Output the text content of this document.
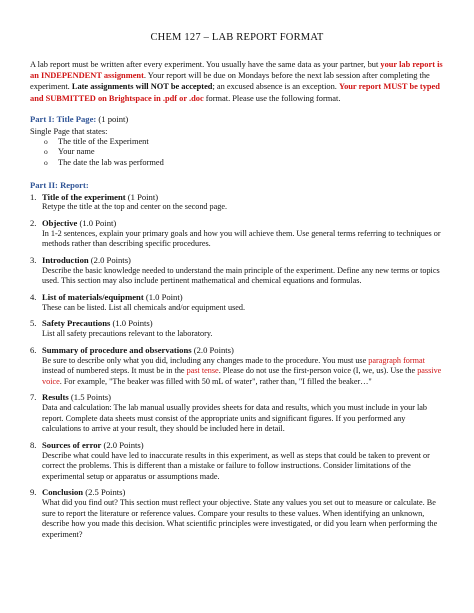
CHEM 127 – LAB REPORT FORMAT

A lab report must be written after every experiment. You usually have the same data as your partner, but your lab report is an INDEPENDENT assignment. Your report will be due on Mondays before the next lab session after completing the experiment. Late assignments will NOT be accepted; an excused absence is an exception. Your report MUST be typed and SUBMITTED on Brightspace in .pdf or .doc format. Please use the following format.

Part I: Title Page: (1 point)

Single Page that states:

o The title of the Experiment
o Your name
o The date the lab was performed
Part II: Report:
1. Title of the experiment (1 Point)

Retype the title at the top and center on the second page.

2. Objective (1.0 Point)

In 1-2 sentences, explain your primary goals and how you will achieve them. Use general terms referring to techniques or methods rather than describing specific procedures.

3. Introduction (2.0 Points)

Describe the basic knowledge needed to understand the main principle of the experiment. Define any new terms or topics used. This section may also include pertinent mathematical and chemical equations and formulas.

4. List of materials/equipment (1.0 Point)

These can be listed. List all chemicals and/or equipment used.

5. Safety Precautions (1.0 Points)

List all safety precautions relevant to the laboratory.

6. Summary of procedure and observations (2.0 Points)

Be sure to describe only what you did, including any changes made to the procedure. You must use paragraph format instead of numbered steps. It must be in the past tense. Please do not use the first-person voice (I, we, us). Use the passive voice. For example, "The beaker was filled with 50 mL of water", rather than, "I filled the beaker…"

7. Results (1.5 Points)

Data and calculation: The lab manual usually provides sheets for data and results, which you must include in your lab report. Complete data sheets must consist of the appropriate units and significant figures. If you performed any calculations to arrive at your result, they should be included here in detail.

8. Sources of error (2.0 Points)

Describe what could have led to inaccurate results in this experiment, as well as steps that could be taken to prevent or correct the problems. This is different than a mistake or failure to follow instructions. Consider limitations of the experimental setup or apparatus or assumptions made.

9. Conclusion (2.5 Points)

What did you find out? This section must reflect your objective. State any values you set out to measure or calculate. Be sure to report the literature or reference values. Compare your results to these values. When identifying an unknown, describe how you made this decision. What scientific principles were investigated, or did you learn when performing the experiment?
